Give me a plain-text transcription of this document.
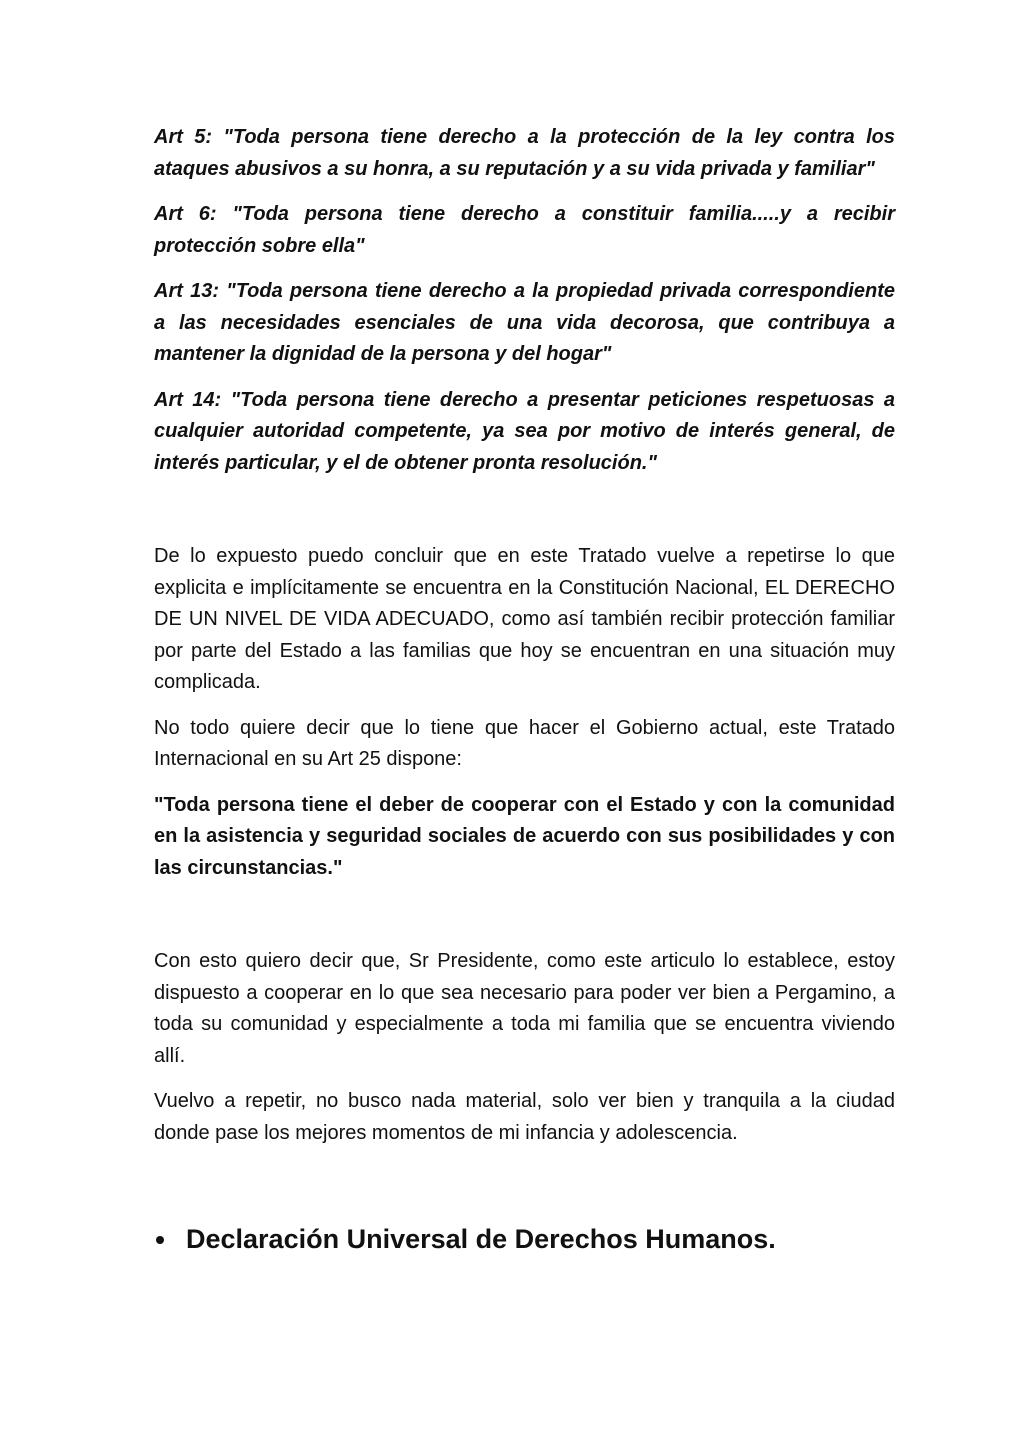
Art 5: "Toda persona tiene derecho a la protección de la ley contra los ataques abusivos a su honra, a su reputación y a su vida privada y familiar"

Art 6: "Toda persona tiene derecho a constituir familia.....y a recibir protección sobre ella"

Art 13: "Toda persona tiene derecho a la propiedad privada correspondiente a las necesidades esenciales de una vida decorosa, que contribuya a mantener la dignidad de la persona y del hogar"

Art 14: "Toda persona tiene derecho a presentar peticiones respetuosas a cualquier autoridad competente, ya sea por motivo de interés general, de interés particular, y el de obtener pronta resolución."

De lo expuesto puedo concluir que en este Tratado vuelve a repetirse lo que explicita e implícitamente se encuentra en la Constitución Nacional, EL DERECHO DE UN NIVEL DE VIDA ADECUADO, como así también recibir protección familiar por parte del Estado a las familias que hoy se encuentran en una situación muy complicada.

No todo quiere decir que lo tiene que hacer el Gobierno actual, este Tratado Internacional en su Art 25 dispone:

"Toda persona tiene el deber de cooperar con el Estado y con la comunidad en la asistencia y seguridad sociales de acuerdo con sus posibilidades y con las circunstancias."

Con esto quiero decir que, Sr Presidente, como este articulo lo establece, estoy dispuesto a cooperar en lo que sea necesario para poder ver bien a Pergamino, a toda su comunidad y especialmente a toda mi familia que se encuentra viviendo allí.

Vuelvo a repetir, no busco nada material, solo ver bien y tranquila a la ciudad donde pase los mejores momentos de mi infancia y adolescencia.

Declaración Universal de Derechos Humanos.
